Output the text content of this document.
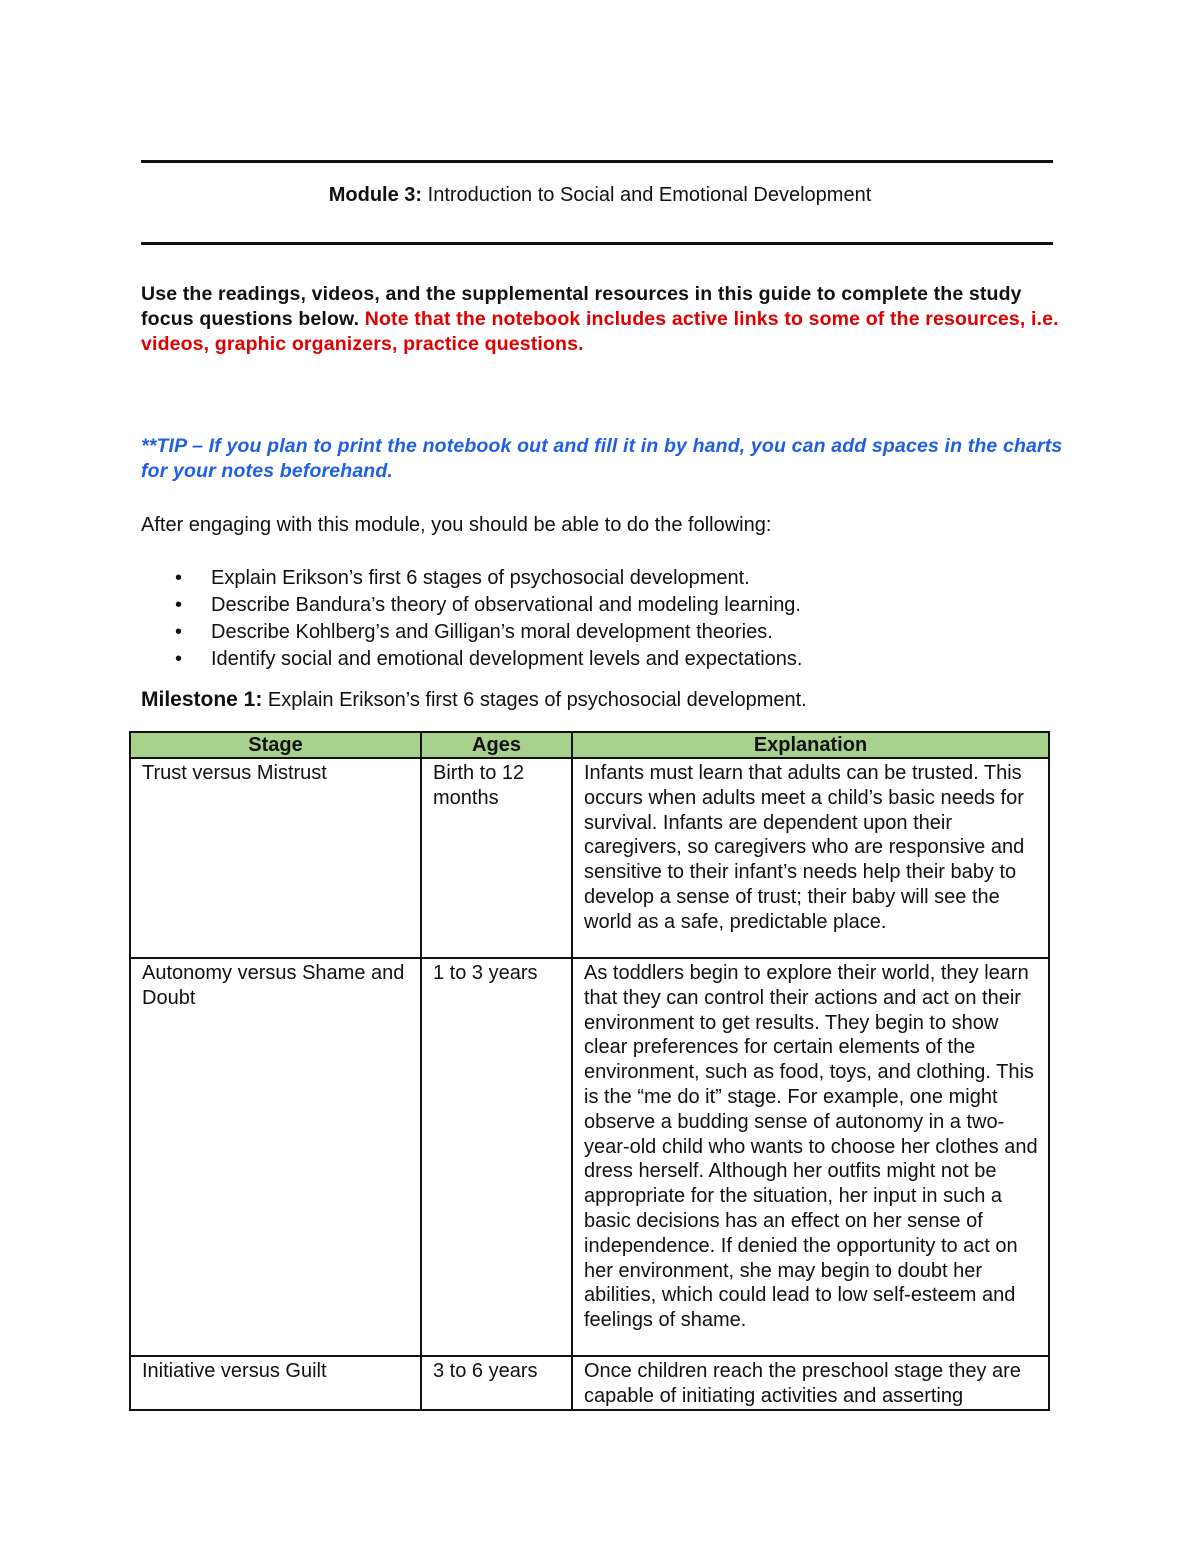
Module 3: Introduction to Social and Emotional Development
Use the readings, videos, and the supplemental resources in this guide to complete the study focus questions below. Note that the notebook includes active links to some of the resources, i.e. videos, graphic organizers, practice questions.
**TIP – If you plan to print the notebook out and fill it in by hand, you can add spaces in the charts for your notes beforehand.
After engaging with this module, you should be able to do the following:
• Explain Erikson’s first 6 stages of psychosocial development.
• Describe Bandura’s theory of observational and modeling learning.
• Describe Kohlberg’s and Gilligan’s moral development theories.
• Identify social and emotional development levels and expectations.
Milestone 1: Explain Erikson’s first 6 stages of psychosocial development.
Stage	Ages	Explanation
Trust versus Mistrust	Birth to 12 months	Infants must learn that adults can be trusted. This occurs when adults meet a child’s basic needs for survival. Infants are dependent upon their caregivers, so caregivers who are responsive and sensitive to their infant’s needs help their baby to develop a sense of trust; their baby will see the world as a safe, predictable place.
Autonomy versus Shame and Doubt	1 to 3 years	As toddlers begin to explore their world, they learn that they can control their actions and act on their environment to get results. They begin to show clear preferences for certain elements of the environment, such as food, toys, and clothing. This is the “me do it” stage. For example, one might observe a budding sense of autonomy in a two-year-old child who wants to choose her clothes and dress herself. Although her outfits might not be appropriate for the situation, her input in such a basic decisions has an effect on her sense of independence. If denied the opportunity to act on her environment, she may begin to doubt her abilities, which could lead to low self-esteem and feelings of shame.
Initiative versus Guilt	3 to 6 years	Once children reach the preschool stage they are capable of initiating activities and asserting
